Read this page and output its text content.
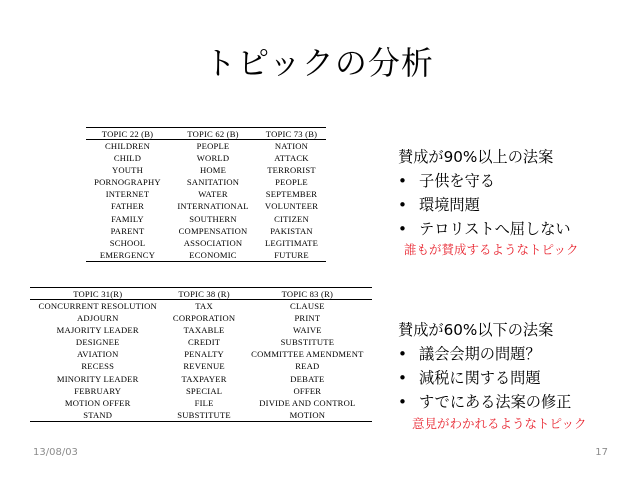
トピックの分析
TOPIC 22 (B)	TOPIC 62 (B)	TOPIC 73 (B)
CHILDREN	PEOPLE	NATION
CHILD	WORLD	ATTACK
YOUTH	HOME	TERRORIST
PORNOGRAPHY	SANITATION	PEOPLE
INTERNET	WATER	SEPTEMBER
FATHER	INTERNATIONAL	VOLUNTEER
FAMILY	SOUTHERN	CITIZEN
PARENT	COMPENSATION	PAKISTAN
SCHOOL	ASSOCIATION	LEGITIMATE
EMERGENCY	ECONOMIC	FUTURE
TOPIC 31(R)	TOPIC 38 (R)	TOPIC 83 (R)
CONCURRENT RESOLUTION	TAX	CLAUSE
ADJOURN	CORPORATION	PRINT
MAJORITY LEADER	TAXABLE	WAIVE
DESIGNEE	CREDIT	SUBSTITUTE
AVIATION	PENALTY	COMMITTEE AMENDMENT
RECESS	REVENUE	READ
MINORITY LEADER	TAXPAYER	DEBATE
FEBRUARY	SPECIAL	OFFER
MOTION OFFER	FILE	DIVIDE AND CONTROL
STAND	SUBSTITUTE	MOTION
賛成が90%以上の法案
• 子供を守る
• 環境問題
• テロリストへ屈しない
誰もが賛成するようなトピック
賛成が60%以下の法案
• 議会会期の問題？
• 減税に関する問題
• すでにある法案の修正
意見がわかれるようなトピック
13/08/03	17
